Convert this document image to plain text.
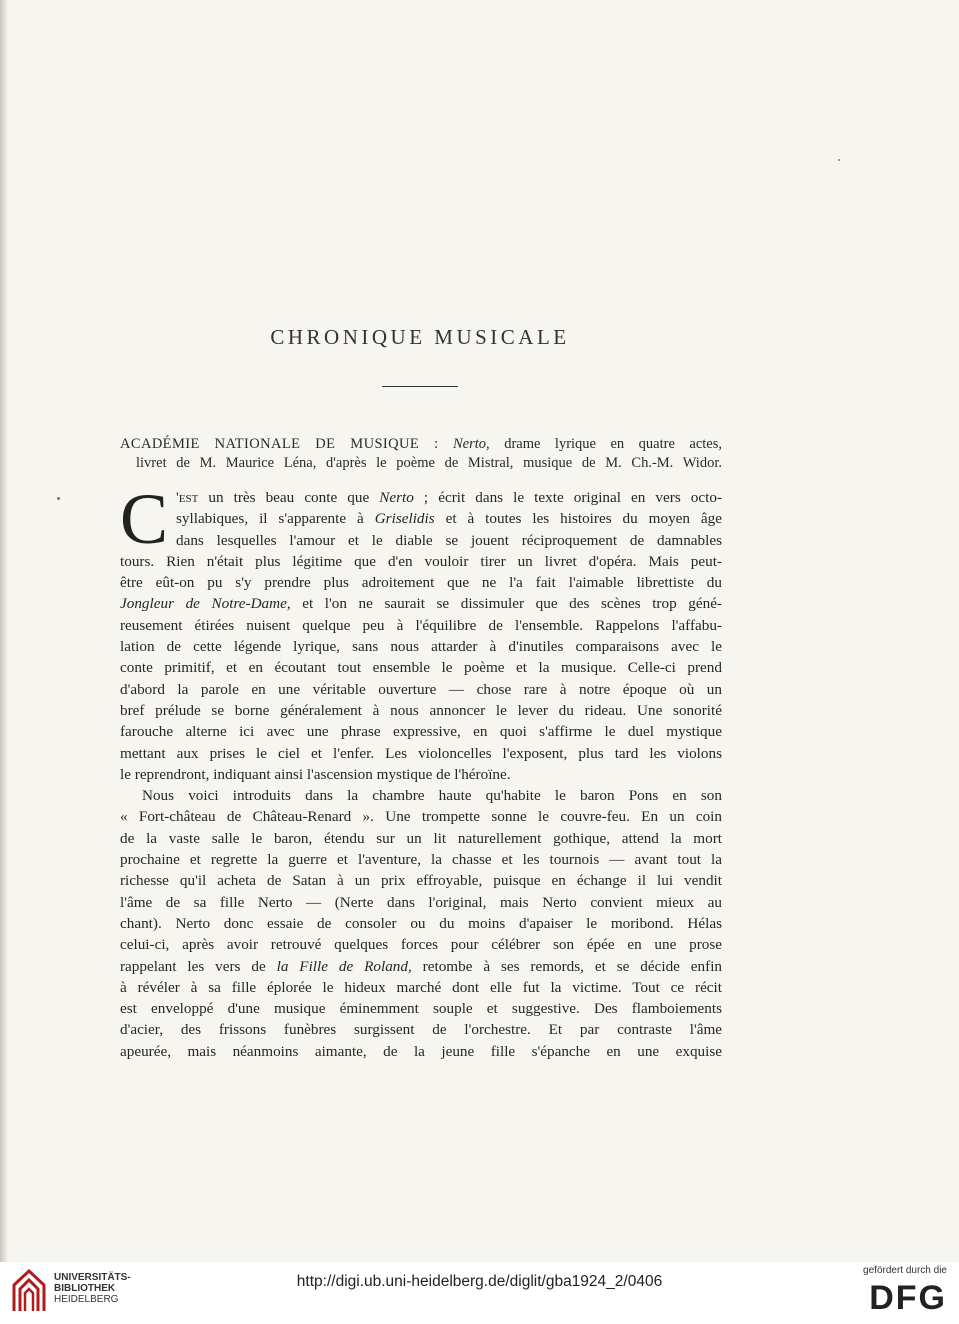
CHRONIQUE MUSICALE
ACADÉMIE NATIONALE DE MUSIQUE : Nerto, drame lyrique en quatre actes,
livret de M. Maurice Léna, d'après le poème de Mistral, musique de M. Ch.-M. Widor.
C 'est un très beau conte que Nerto ; écrit dans le texte original en vers octo-
syllabiques, il s'apparente à Griselidis et à toutes les histoires du moyen âge
dans lesquelles l'amour et le diable se jouent réciproquement de damnables
tours. Rien n'était plus légitime que d'en vouloir tirer un livret d'opéra. Mais peut-
être eût-on pu s'y prendre plus adroitement que ne l'a fait l'aimable librettiste du
Jongleur de Notre-Dame, et l'on ne saurait se dissimuler que des scènes trop géné-
reusement étirées nuisent quelque peu à l'équilibre de l'ensemble. Rappelons l'affabu-
lation de cette légende lyrique, sans nous attarder à d'inutiles comparaisons avec le
conte primitif, et en écoutant tout ensemble le poème et la musique. Celle-ci prend
d'abord la parole en une véritable ouverture — chose rare à notre époque où un
bref prélude se borne généralement à nous annoncer le lever du rideau. Une sonorité
farouche alterne ici avec une phrase expressive, en quoi s'affirme le duel mystique
mettant aux prises le ciel et l'enfer. Les violoncelles l'exposent, plus tard les violons
le reprendront, indiquant ainsi l'ascension mystique de l'héroïne.
Nous voici introduits dans la chambre haute qu'habite le baron Pons en son
« Fort-château de Château-Renard ». Une trompette sonne le couvre-feu. En un coin
de la vaste salle le baron, étendu sur un lit naturellement gothique, attend la mort
prochaine et regrette la guerre et l'aventure, la chasse et les tournois — avant tout la
richesse qu'il acheta de Satan à un prix effroyable, puisque en échange il lui vendit
l'âme de sa fille Nerto — (Nerte dans l'original, mais Nerto convient mieux au
chant). Nerto donc essaie de consoler ou du moins d'apaiser le moribond. Hélas
celui-ci, après avoir retrouvé quelques forces pour célébrer son épée en une prose
rappelant les vers de la Fille de Roland, retombe à ses remords, et se décide enfin
à révéler à sa fille éplorée le hideux marché dont elle fut la victime. Tout ce récit
est enveloppé d'une musique éminemment souple et suggestive. Des flamboiements
d'acier, des frissons funèbres surgissent de l'orchestre. Et par contraste l'âme
apeurée, mais néanmoins aimante, de la jeune fille s'épanche en une exquise
UNIVERSITÄTS-
BIBLIOTHEK
HEIDELBERG
http://digi.ub.uni-heidelberg.de/diglit/gba1924_2/0406
gefördert durch die
DFG
